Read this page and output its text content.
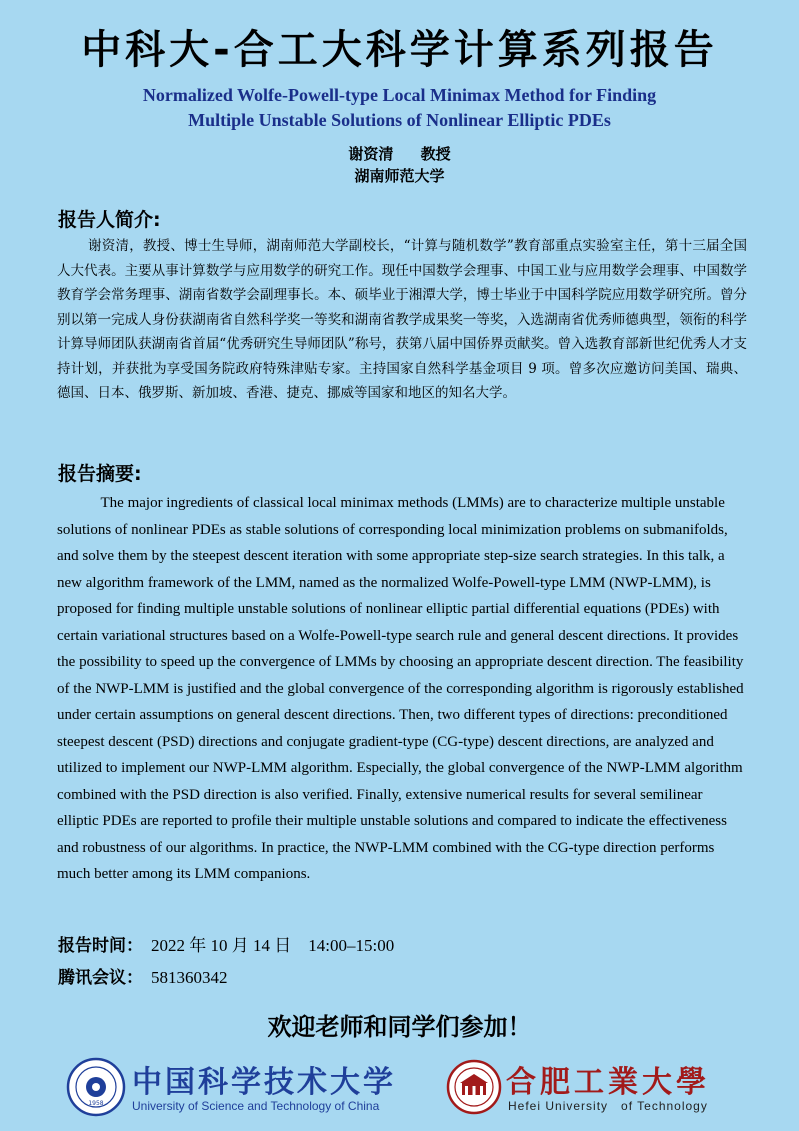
中科大-合工大科学计算系列报告
Normalized Wolfe-Powell-type Local Minimax Method for Finding
Multiple Unstable Solutions of Nonlinear Elliptic PDEs
谢资清 教授
湖南师范大学
报告人简介:

谢资清，教授、博士生导师，湖南师范大学副校长，“计算与随机数学”教育部重点实验室主任，第十三届全国人大代表。主要从事计算数学与应用数学的研究工作。现任中国数学会理事、中国工业与应用数学会理事、中国数学教育学会常务理事、湖南省数学会副理事长。本、硕毕业于湘潭大学，博士毕业于中国科学院应用数学研究所。曾分别以第一完成人身份获湖南省自然科学奖一等奖和湖南省教学成果奖一等奖，入选湖南省优秀师德典型，领衔的科学计算导师团队获湖南省首届“优秀研究生导师团队”称号，获第八届中国侨界贡献奖。曾入选教育部新世纪优秀人才支持计划，并获批为享受国务院政府特殊津贴专家。主持国家自然科学基金项目 9 项。曾多次应邀访问美国、瑞典、德国、日本、俄罗斯、新加坡、香港、捷克、挪威等国家和地区的知名大学。

报告摘要:

The major ingredients of classical local minimax methods (LMMs) are to characterize multiple unstable solutions of nonlinear PDEs as stable solutions of corresponding local minimization problems on submanifolds, and solve them by the steepest descent iteration with some appropriate step-size search strategies. In this talk, a new algorithm framework of the LMM, named as the normalized Wolfe-Powell-type LMM (NWP-LMM), is proposed for finding multiple unstable solutions of nonlinear elliptic partial differential equations (PDEs) with certain variational structures based on a Wolfe-Powell-type search rule and general descent directions. It provides the possibility to speed up the convergence of LMMs by choosing an appropriate descent direction. The feasibility of the NWP-LMM is justified and the global convergence of the corresponding algorithm is rigorously established under certain assumptions on general descent directions. Then, two different types of directions: preconditioned steepest descent (PSD) directions and conjugate gradient-type (CG-type) descent directions, are analyzed and utilized to implement our NWP-LMM algorithm. Especially, the global convergence of the NWP-LMM algorithm combined with the PSD direction is also verified. Finally, extensive numerical results for several semilinear elliptic PDEs are reported to profile their multiple unstable solutions and compared to indicate the effectiveness and robustness of our algorithms. In practice, the NWP-LMM combined with the CG-type direction performs much better among its LMM companions.

报告时间： 2022 年 10 月 14 日　14:00–15:00
腾讯会议： 581360342
欢迎老师和同学们参加！
1958
中国科学技术大学
University of Science and Technology of China
合肥工業大學
Hefei University　of Technology
